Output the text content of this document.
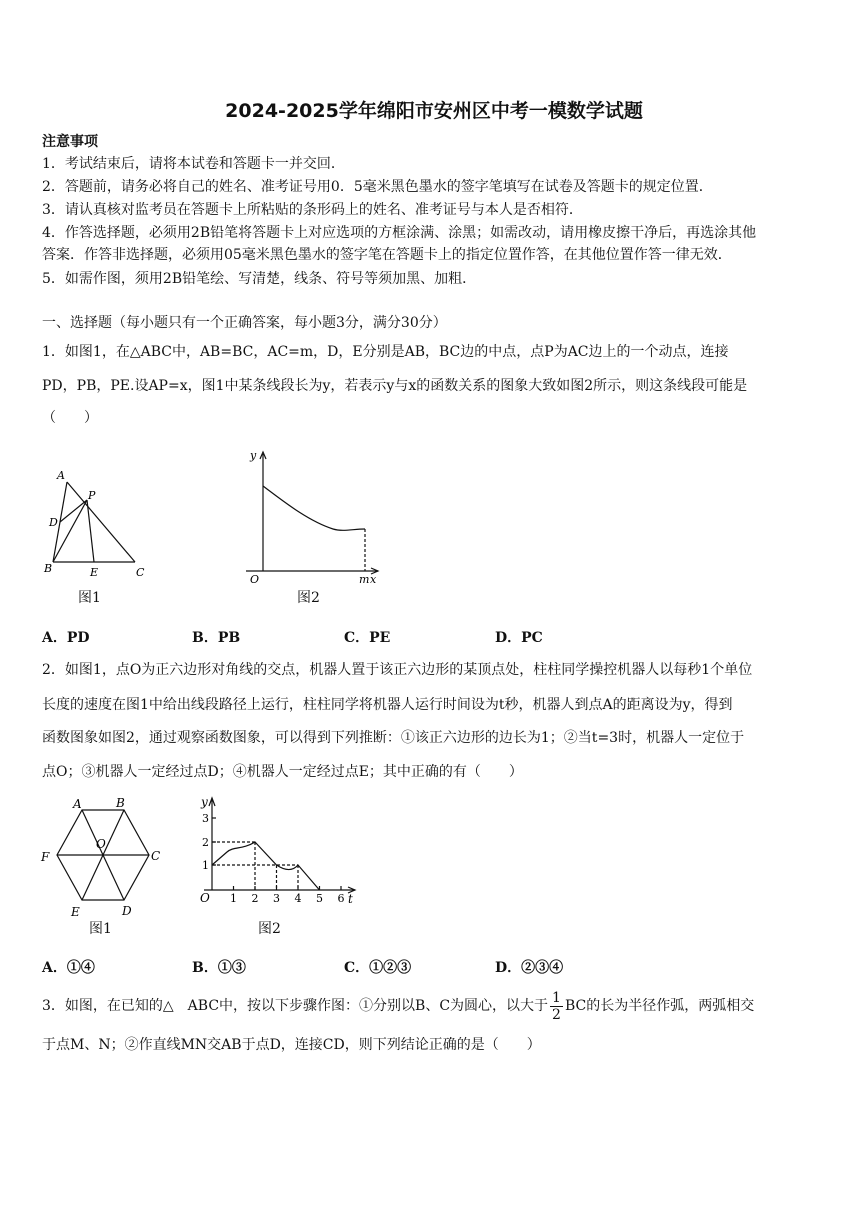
2024-2025学年绵阳市安州区中考一模数学试题
注意事项
1．考试结束后，请将本试卷和答题卡一并交回．
2．答题前，请务必将自己的姓名、准考证号用0．5毫米黑色墨水的签字笔填写在试卷及答题卡的规定位置．
3．请认真核对监考员在答题卡上所粘贴的条形码上的姓名、准考证号与本人是否相符．
4．作答选择题，必须用2B铅笔将答题卡上对应选项的方框涂满、涂黑；如需改动，请用橡皮擦干净后，再选涂其他
答案．作答非选择题，必须用05毫米黑色墨水的签字笔在答题卡上的指定位置作答，在其他位置作答一律无效．
5．如需作图，须用2B铅笔绘、写清楚，线条、符号等须加黑、加粗．
一、选择题（每小题只有一个正确答案，每小题3分，满分30分）
1．如图1，在△ABC中，AB=BC，AC=m，D，E分别是AB，BC边的中点，点P为AC边上的一个动点，连接
PD，PB，PE.设AP=x，图1中某条线段长为y，若表示y与x的函数关系的图象大致如图2所示，则这条线段可能是
（　　）
A
P
D
B	E	C
图1
y
O	m x
图2
A．PD	B．PB	C．PE	D．PC
2．如图1，点O为正六边形对角线的交点，机器人置于该正六边形的某顶点处，柱柱同学操控机器人以每秒1个单位
长度的速度在图1中给出线段路径上运行，柱柱同学将机器人运行时间设为t秒，机器人到点A的距离设为y，得到
函数图象如图2，通过观察函数图象，可以得到下列推断：①该正六边形的边长为1；②当t=3时，机器人一定位于
点O；③机器人一定经过点D；④机器人一定经过点E；其中正确的有（　　）
A	B
C
D
E
F
O
图1
1
2
3
1 2 3 4 5 6
y
O	t
图2
A．①④	B．①③	C．①②③	D．②③④
3．如图，在已知的△　ABC中，按以下步骤作图：①分别以B、C为圆心，以大于 $\frac{1}{2}$ BC的长为半径作弧，两弧相交
于点M、N；②作直线MN交AB于点D，连接CD，则下列结论正确的是（　　）
